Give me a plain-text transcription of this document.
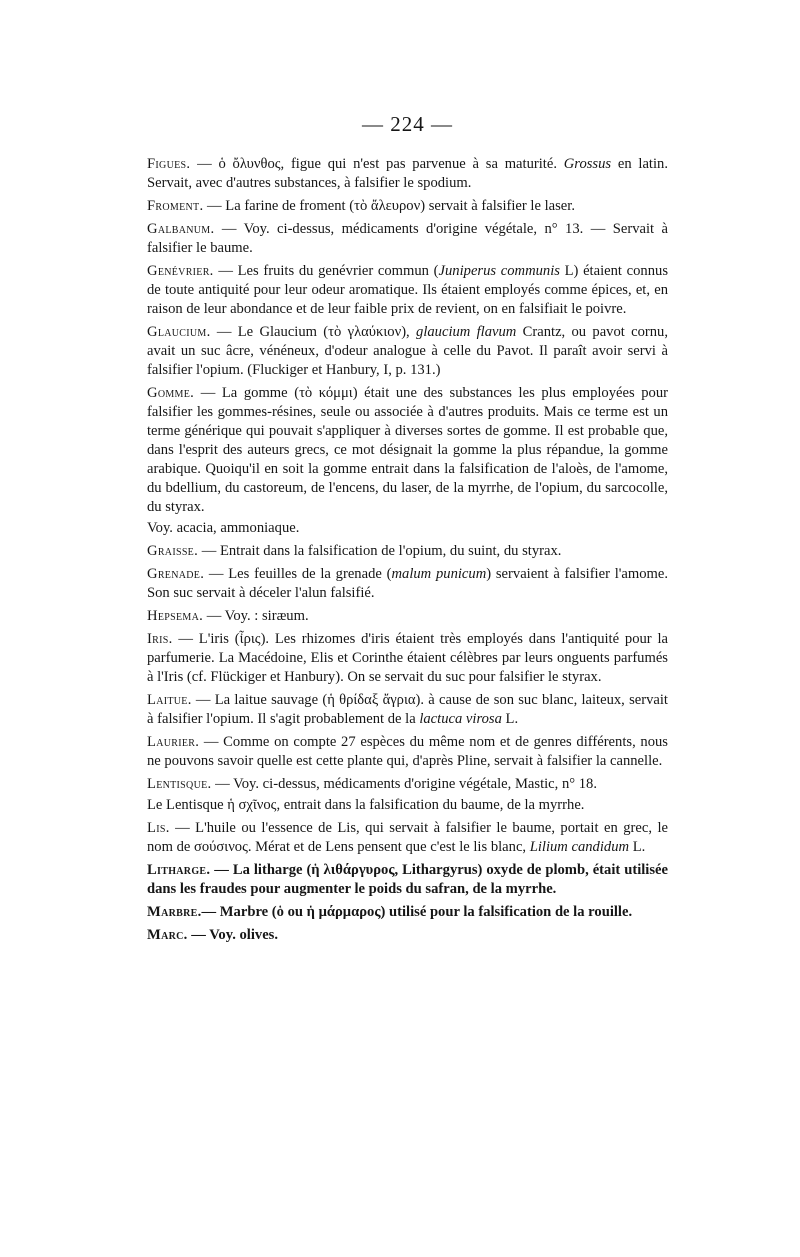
— 224 —

Figues. — ὁ ὄλυνθος, figue qui n'est pas parvenue à sa maturité. Grossus en latin. Servait, avec d'autres substances, à falsifier le spodium.

Froment. — La farine de froment (τὸ ἄλευρον) servait à falsifier le laser.

Galbanum. — Voy. ci-dessus, médicaments d'origine végétale, n° 13. — Servait à falsifier le baume.

Genévrier. — Les fruits du genévrier commun (Juniperus communis L) étaient connus de toute antiquité pour leur odeur aromatique. Ils étaient employés comme épices, et, en raison de leur abondance et de leur faible prix de revient, on en falsifiait le poivre.

Glaucium. — Le Glaucium (τὸ γλαύκιον), glaucium flavum Crantz, ou pavot cornu, avait un suc âcre, vénéneux, d'odeur analogue à celle du Pavot. Il paraît avoir servi à falsifier l'opium. (Fluckiger et Hanbury, I, p. 131.)

Gomme. — La gomme (τὸ κόμμι) était une des substances les plus employées pour falsifier les gommes-résines, seule ou associée à d'autres produits. Mais ce terme est un terme générique qui pouvait s'appliquer à diverses sortes de gomme. Il est probable que, dans l'esprit des auteurs grecs, ce mot désignait la gomme la plus répandue, la gomme arabique. Quoiqu'il en soit la gomme entrait dans la falsification de l'aloès, de l'amome, du bdellium, du castoreum, de l'encens, du laser, de la myrrhe, de l'opium, du sarcocolle, du styrax.

Voy. acacia, ammoniaque.

Graisse. — Entrait dans la falsification de l'opium, du suint, du styrax.

Grenade. — Les feuilles de la grenade (malum punicum) servaient à falsifier l'amome. Son suc servait à déceler l'alun falsifié.

Hepsema. — Voy. : siræum.

Iris. — L'iris (ἶρις). Les rhizomes d'iris étaient très employés dans l'antiquité pour la parfumerie. La Macédoine, Elis et Corinthe étaient célèbres par leurs onguents parfumés à l'Iris (cf. Flückiger et Hanbury). On se servait du suc pour falsifier le styrax.

Laitue. — La laitue sauvage (ἡ θρίδαξ ἄγρια). à cause de son suc blanc, laiteux, servait à falsifier l'opium. Il s'agit probablement de la lactuca virosa L.

Laurier. — Comme on compte 27 espèces du même nom et de genres différents, nous ne pouvons savoir quelle est cette plante qui, d'après Pline, servait à falsifier la cannelle.

Lentisque. — Voy. ci-dessus, médicaments d'origine végétale, Mastic, n° 18.

Le Lentisque ἡ σχῖνος, entrait dans la falsification du baume, de la myrrhe.

Lis. — L'huile ou l'essence de Lis, qui servait à falsifier le baume, portait en grec, le nom de σούσινος. Mérat et de Lens pensent que c'est le lis blanc, Lilium candidum L.

Litharge. — La litharge (ἡ λιθάργυρος, Lithargyrus) oxyde de plomb, était utilisée dans les fraudes pour augmenter le poids du safran, de la myrrhe.

Marbre.— Marbre (ὁ ou ἡ μάρμαρος) utilisé pour la falsification de la rouille.

Marc. — Voy. olives.
